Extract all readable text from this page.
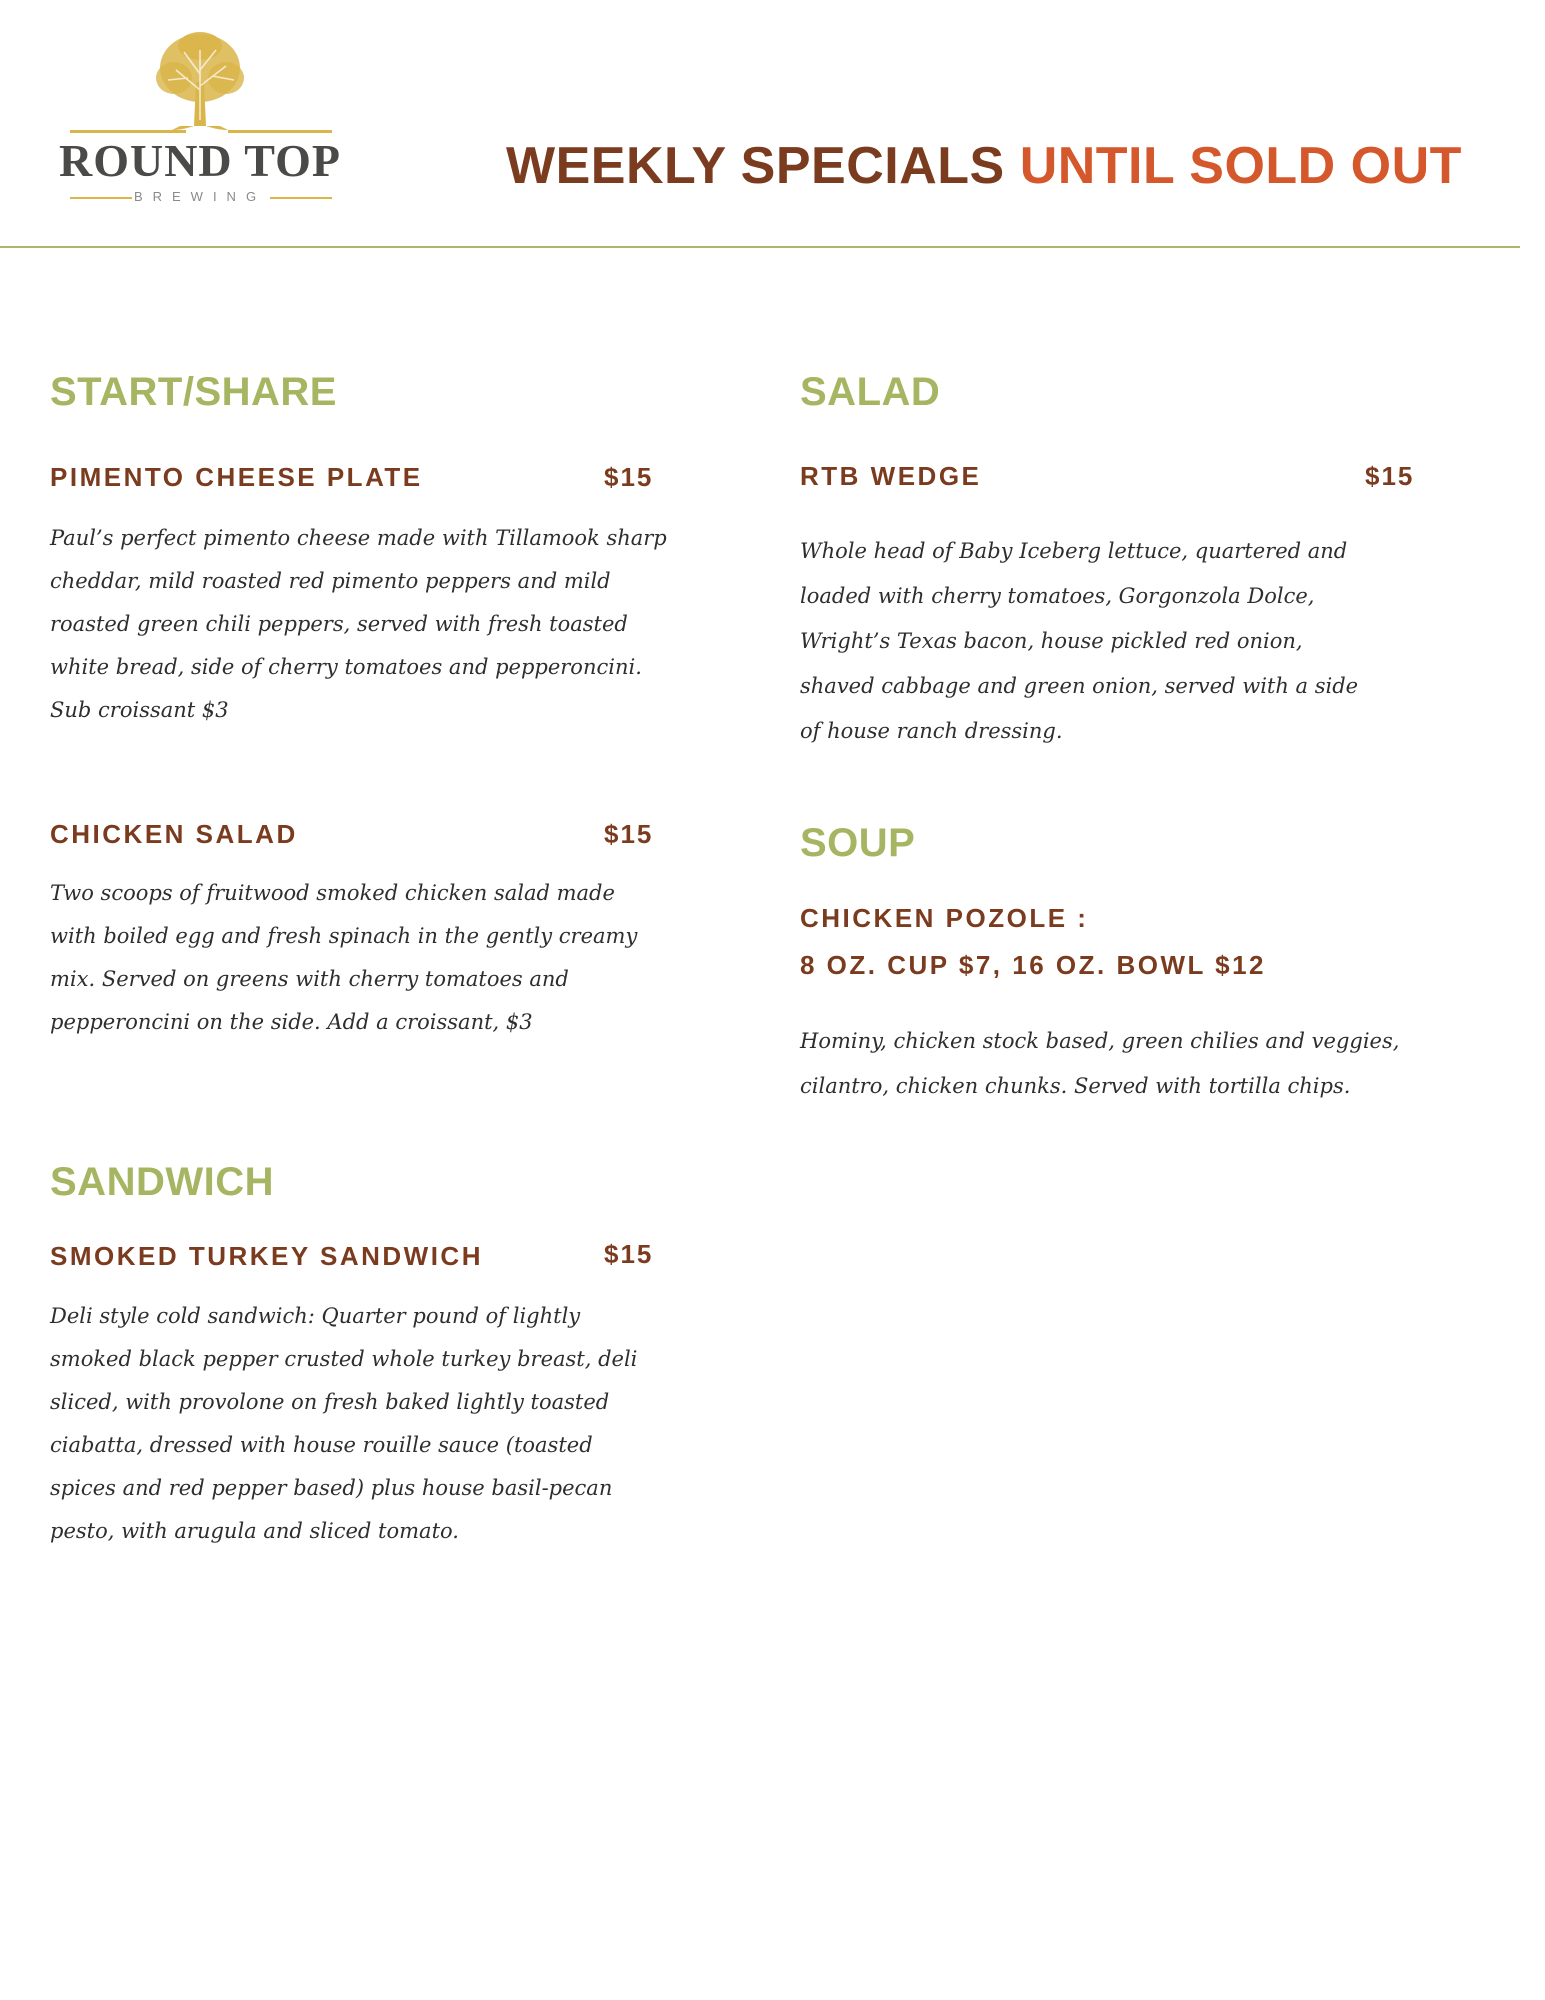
ROUND TOP
BREWING
WEEKLY SPECIALS UNTIL SOLD OUT
START/SHARE
PIMENTO CHEESE PLATE	$15
Paul’s perfect pimento cheese made with Tillamook sharp
cheddar, mild roasted red pimento peppers and mild
roasted green chili peppers, served with fresh toasted
white bread, side of cherry tomatoes and pepperoncini.
Sub croissant $3
CHICKEN SALAD	$15
Two scoops of fruitwood smoked chicken salad made
with boiled egg and fresh spinach in the gently creamy
mix. Served on greens with cherry tomatoes and
pepperoncini on the side. Add a croissant, $3
SANDWICH
SMOKED TURKEY SANDWICH	$15
Deli style cold sandwich: Quarter pound of lightly
smoked black pepper crusted whole turkey breast, deli
sliced, with provolone on fresh baked lightly toasted
ciabatta, dressed with house rouille sauce (toasted
spices and red pepper based) plus house basil-pecan
pesto, with arugula and sliced tomato.
SALAD
RTB WEDGE	$15
Whole head of Baby Iceberg lettuce, quartered and
loaded with cherry tomatoes, Gorgonzola Dolce,
Wright’s Texas bacon, house pickled red onion,
shaved cabbage and green onion, served with a side
of house ranch dressing.
SOUP
CHICKEN POZOLE :
8 OZ. CUP $7, 16 OZ. BOWL $12
Hominy, chicken stock based, green chilies and veggies,
cilantro, chicken chunks. Served with tortilla chips.
